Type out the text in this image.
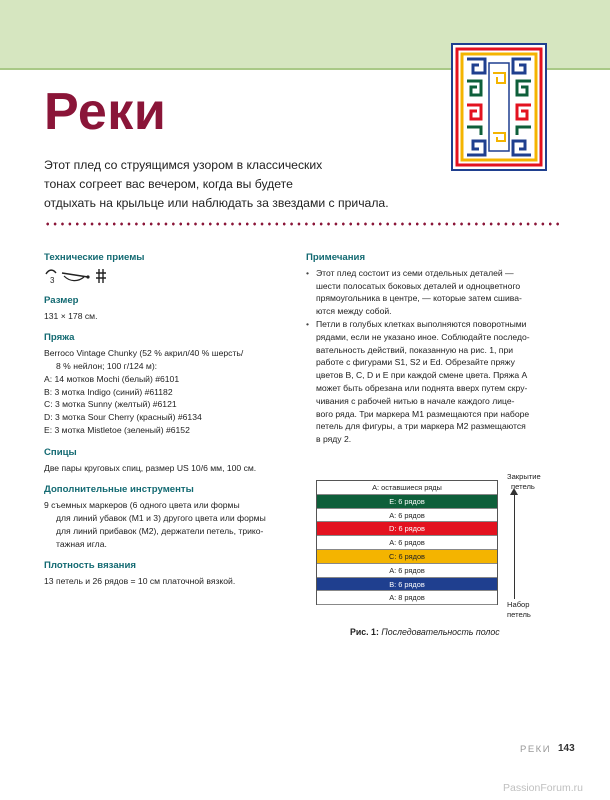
Реки
Этот плед со струящимся узором в классических
тонах согреет вас вечером, когда вы будете
отдыхать на крыльце или наблюдать за звездами с причала.
Технические приемы
3
Размер
131 × 178 см.
Пряжа
Berroco Vintage Chunky (52 % акрил/40 % шерсть/
8 % нейлон; 100 г/124 м):
A: 14 мотков Mochi (белый) #6101
B: 3 мотка Indigo (синий) #61182
C: 3 мотка Sunny (желтый) #6121
D: 3 мотка Sour Cherry (красный) #6134
E: 3 мотка Mistletoe (зеленый) #6152
Спицы
Две пары круговых спиц, размер US 10/6 мм, 100 см.
Дополнительные инструменты
9 съемных маркеров (6 одного цвета или формы
для линий убавок (M1 и 3) другого цвета или формы
для линий прибавок (M2), держатели петель, трико-
тажная игла.
Плотность вязания
13 петель и 26 рядов = 10 см платочной вязкой.
Примечания
• Этот плед состоит из семи отдельных деталей —
шести полосатых боковых деталей и одноцветного
прямоугольника в центре, — которые затем сшива-
ются между собой.
• Петли в голубых клетках выполняются поворотными
рядами, если не указано иное. Соблюдайте последо-
вательность действий, показанную на рис. 1, при
работе с фигурами S1, S2 и Ed. Обрезайте пряжу
цветов B, C, D и E при каждой смене цвета. Пряжа A
может быть обрезана или поднята вверх путем скру-
чивания с рабочей нитью в начале каждого лице-
вого ряда. Три маркера M1 размещаются при наборе
петель для фигуры, а три маркера M2 размещаются
в ряду 2.
Закрытие
петель
A: оставшиеся ряды
E: 6 рядов
A: 6 рядов
D: 6 рядов
A: 6 рядов
C: 6 рядов
A: 6 рядов
B: 6 рядов
A: 8 рядов
Набор
петель
Рис. 1: Последовательность полос
РЕКИ 143
PassionForum.ru
